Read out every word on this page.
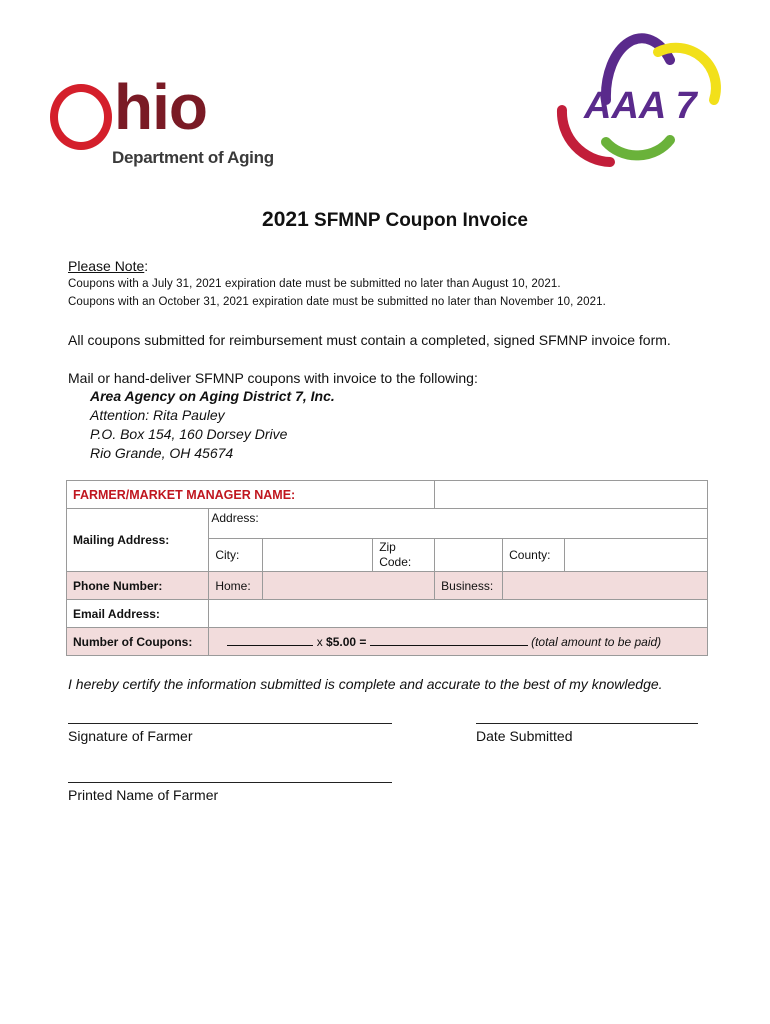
hio
Department of Aging
AAA 7
2021 SFMNP Coupon Invoice
Please Note:
Coupons with a July 31, 2021 expiration date must be submitted no later than August 10, 2021.
Coupons with an October 31, 2021 expiration date must be submitted no later than November 10, 2021.
All coupons submitted for reimbursement must contain a completed, signed SFMNP invoice form.
Mail or hand-deliver SFMNP coupons with invoice to the following:
Area Agency on Aging District 7, Inc.
Attention: Rita Pauley
P.O. Box 154, 160 Dorsey Drive
Rio Grande, OH 45674
FARMER/MARKET MANAGER NAME:						
Mailing Address:	Address:					
	City:		Zip Code:		County:	
Phone Number:	Home:			Business:		
Email Address:						
Number of Coupons:	x $5.00 = (total amount to be paid)					
I hereby certify the information submitted is complete and accurate to the best of my knowledge.
Signature of Farmer	Date Submitted
Printed Name of Farmer
